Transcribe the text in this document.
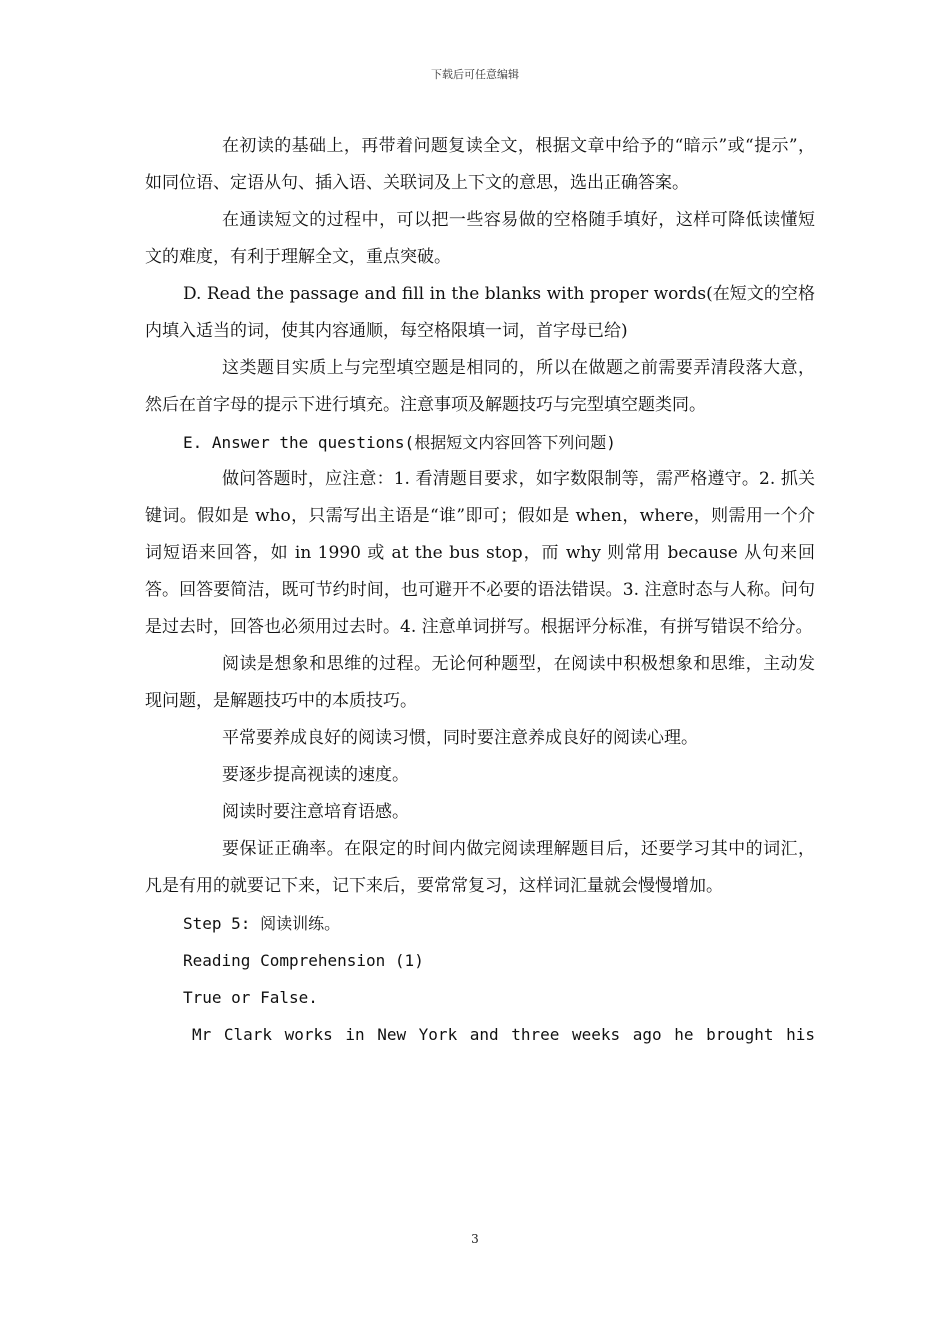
下载后可任意编辑

在初读的基础上，再带着问题复读全文，根据文章中给予的“暗示”或“提示”，如同位语、定语从句、插入语、关联词及上下文的意思，选出正确答案。

在通读短文的过程中，可以把一些容易做的空格随手填好，这样可降低读懂短文的难度，有利于理解全文，重点突破。

D. Read the passage and fill in the blanks with proper words(在短文的空格内填入适当的词，使其内容通顺，每空格限填一词，首字母已给)

这类题目实质上与完型填空题是相同的，所以在做题之前需要弄清段落大意，然后在首字母的提示下进行填充。注意事项及解题技巧与完型填空题类同。

E. Answer the questions(根据短文内容回答下列问题)

做问答题时，应注意：1. 看清题目要求，如字数限制等，需严格遵守。2. 抓关键词。假如是 who，只需写出主语是“谁”即可；假如是 when，where，则需用一个介词短语来回答，如 in 1990 或 at the bus stop，而 why 则常用 because 从句来回答。回答要简洁，既可节约时间，也可避开不必要的语法错误。3. 注意时态与人称。问句是过去时，回答也必须用过去时。4. 注意单词拼写。根据评分标准，有拼写错误不给分。

阅读是想象和思维的过程。无论何种题型，在阅读中积极想象和思维，主动发现问题，是解题技巧中的本质技巧。

平常要养成良好的阅读习惯，同时要注意养成良好的阅读心理。

要逐步提高视读的速度。

阅读时要注意培育语感。

要保证正确率。在限定的时间内做完阅读理解题目后，还要学习其中的词汇，凡是有用的就要记下来，记下来后，要常常复习，这样词汇量就会慢慢增加。

Step 5: 阅读训练。

Reading Comprehension (1)

True or False.

Mr Clark works in New York and three weeks ago he brought his

3
